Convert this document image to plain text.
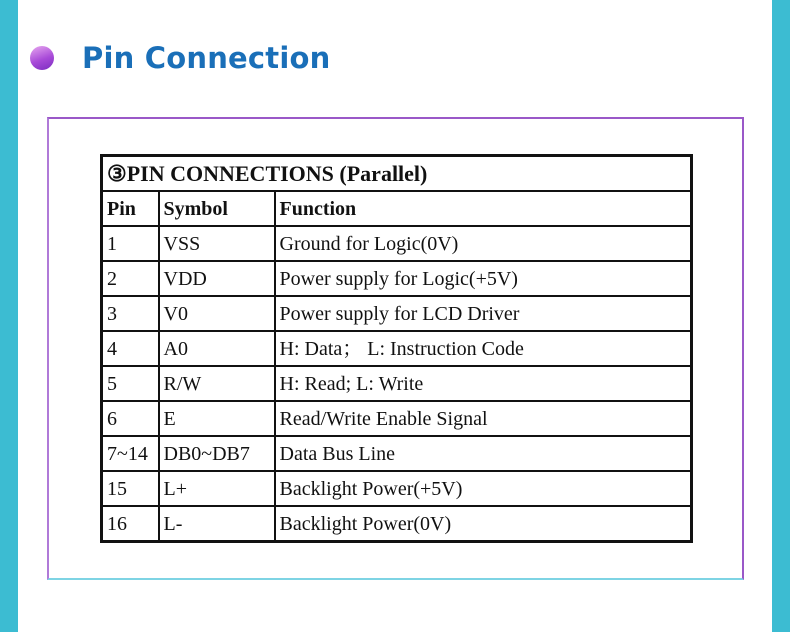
Pin Connection
③PIN CONNECTIONS (Parallel)		
Pin	Symbol	Function
1	VSS	Ground for Logic(0V)
2	VDD	Power supply for Logic(+5V)
3	V0	Power supply for LCD Driver
4	A0	H: Data； L: Instruction Code
5	R/W	H: Read; L: Write
6	E	Read/Write Enable Signal
7~14	DB0~DB7	Data Bus Line
15	L+	Backlight Power(+5V)
16	L-	Backlight Power(0V)
